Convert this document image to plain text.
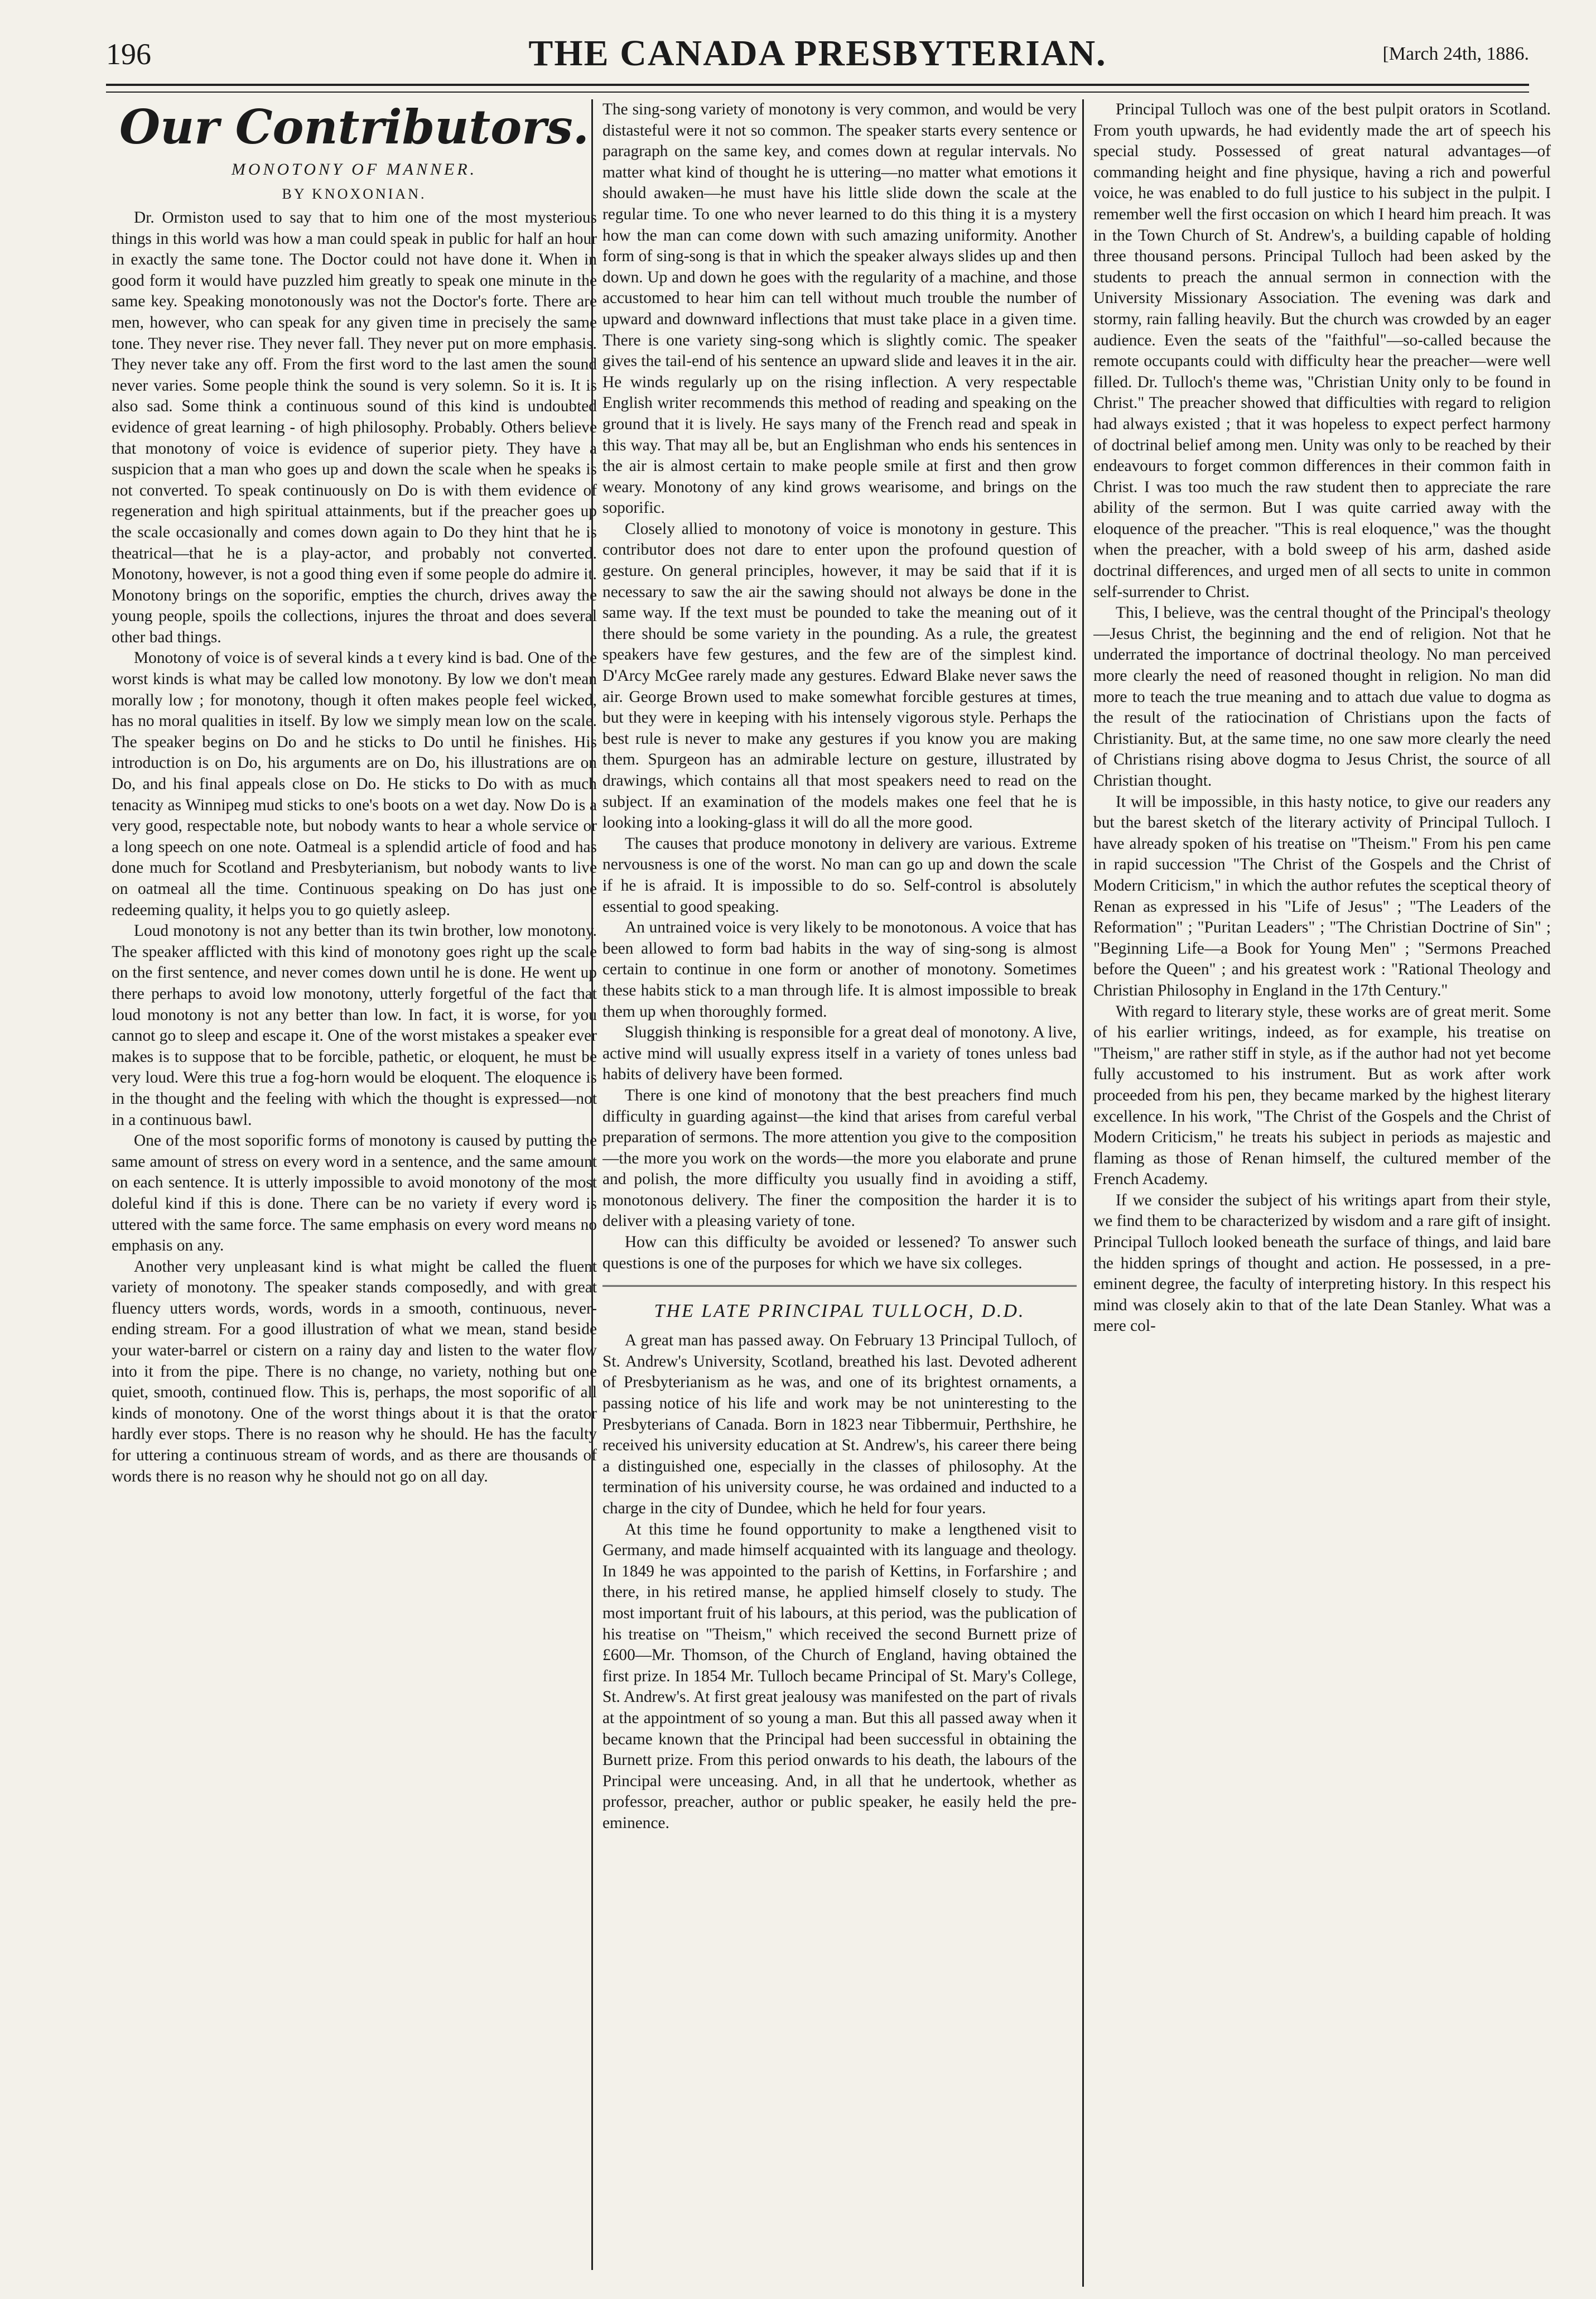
196	THE CANADA PRESBYTERIAN.	[March 24th, 1886.
Our Contributors.
MONOTONY OF MANNER.
BY KNOXONIAN.

Dr. Ormiston used to say that to him one of the most mysterious things in this world was how a man could speak in public for half an hour in exactly the same tone. The Doctor could not have done it. When in good form it would have puzzled him greatly to speak one minute in the same key. Speaking monotonously was not the Doctor's forte. There are men, however, who can speak for any given time in precisely the same tone. They never rise. They never fall. They never put on more emphasis. They never take any off. From the first word to the last amen the sound never varies. Some people think the sound is very solemn. So it is. It is also sad. Some think a continuous sound of this kind is undoubted evidence of great learning - of high philosophy. Probably. Others believe that monotony of voice is evidence of superior piety. They have a suspicion that a man who goes up and down the scale when he speaks is not converted. To speak continuously on Do is with them evidence of regeneration and high spiritual attainments, but if the preacher goes up the scale occasionally and comes down again to Do they hint that he is theatrical—that he is a play-actor, and probably not converted. Monotony, however, is not a good thing even if some people do admire it. Monotony brings on the soporific, empties the church, drives away the young people, spoils the collections, injures the throat and does several other bad things.

Monotony of voice is of several kinds a t every kind is bad. One of the worst kinds is what may be called low monotony. By low we don't mean morally low ; for monotony, though it often makes people feel wicked, has no moral qualities in itself. By low we simply mean low on the scale. The speaker begins on Do and he sticks to Do until he finishes. His introduction is on Do, his arguments are on Do, his illustrations are on Do, and his final appeals close on Do. He sticks to Do with as much tenacity as Winnipeg mud sticks to one's boots on a wet day. Now Do is a very good, respectable note, but nobody wants to hear a whole service or a long speech on one note. Oatmeal is a splendid article of food and has done much for Scotland and Presbyterianism, but nobody wants to live on oatmeal all the time. Continuous speaking on Do has just one redeeming quality, it helps you to go quietly asleep.

Loud monotony is not any better than its twin brother, low monotony. The speaker afflicted with this kind of monotony goes right up the scale on the first sentence, and never comes down until he is done. He went up there perhaps to avoid low monotony, utterly forgetful of the fact that loud monotony is not any better than low. In fact, it is worse, for you cannot go to sleep and escape it. One of the worst mistakes a speaker ever makes is to suppose that to be forcible, pathetic, or eloquent, he must be very loud. Were this true a fog-horn would be eloquent. The eloquence is in the thought and the feeling with which the thought is expressed—not in a continuous bawl.

One of the most soporific forms of monotony is caused by putting the same amount of stress on every word in a sentence, and the same amount on each sentence. It is utterly impossible to avoid monotony of the most doleful kind if this is done. There can be no variety if every word is uttered with the same force. The same emphasis on every word means no emphasis on any.

Another very unpleasant kind is what might be called the fluent variety of monotony. The speaker stands composedly, and with great fluency utters words, words, words in a smooth, continuous, never-ending stream. For a good illustration of what we mean, stand beside your water-barrel or cistern on a rainy day and listen to the water flow into it from the pipe. There is no change, no variety, nothing but one quiet, smooth, continued flow. This is, perhaps, the most soporific of all kinds of monotony. One of the worst things about it is that the orator hardly ever stops. There is no reason why he should. He has the faculty for uttering a continuous stream of words, and as there are thousands of words there is no reason why he should not go on all day.

The sing-song variety of monotony is very common, and would be very distasteful were it not so common. The speaker starts every sentence or paragraph on the same key, and comes down at regular intervals. No matter what kind of thought he is uttering—no matter what emotions it should awaken—he must have his little slide down the scale at the regular time. To one who never learned to do this thing it is a mystery how the man can come down with such amazing uniformity. Another form of sing-song is that in which the speaker always slides up and then down. Up and down he goes with the regularity of a machine, and those accustomed to hear him can tell without much trouble the number of upward and downward inflections that must take place in a given time. There is one variety sing-song which is slightly comic. The speaker gives the tail-end of his sentence an upward slide and leaves it in the air. He winds regularly up on the rising inflection. A very respectable English writer recommends this method of reading and speaking on the ground that it is lively. He says many of the French read and speak in this way. That may all be, but an Englishman who ends his sentences in the air is almost certain to make people smile at first and then grow weary. Monotony of any kind grows wearisome, and brings on the soporific.

Closely allied to monotony of voice is monotony in gesture. This contributor does not dare to enter upon the profound question of gesture. On general principles, however, it may be said that if it is necessary to saw the air the sawing should not always be done in the same way. If the text must be pounded to take the meaning out of it there should be some variety in the pounding. As a rule, the greatest speakers have few gestures, and the few are of the simplest kind. D'Arcy McGee rarely made any gestures. Edward Blake never saws the air. George Brown used to make somewhat forcible gestures at times, but they were in keeping with his intensely vigorous style. Perhaps the best rule is never to make any gestures if you know you are making them. Spurgeon has an admirable lecture on gesture, illustrated by drawings, which contains all that most speakers need to read on the subject. If an examination of the models makes one feel that he is looking into a looking-glass it will do all the more good.

The causes that produce monotony in delivery are various. Extreme nervousness is one of the worst. No man can go up and down the scale if he is afraid. It is impossible to do so. Self-control is absolutely essential to good speaking.

An untrained voice is very likely to be monotonous. A voice that has been allowed to form bad habits in the way of sing-song is almost certain to continue in one form or another of monotony. Sometimes these habits stick to a man through life. It is almost impossible to break them up when thoroughly formed.

Sluggish thinking is responsible for a great deal of monotony. A live, active mind will usually express itself in a variety of tones unless bad habits of delivery have been formed.

There is one kind of monotony that the best preachers find much difficulty in guarding against—the kind that arises from careful verbal preparation of sermons. The more attention you give to the composition—the more you work on the words—the more you elaborate and prune and polish, the more difficulty you usually find in avoiding a stiff, monotonous delivery. The finer the composition the harder it is to deliver with a pleasing variety of tone.

How can this difficulty be avoided or lessened? To answer such questions is one of the purposes for which we have six colleges.

THE LATE PRINCIPAL TULLOCH, D.D.

A great man has passed away. On February 13 Principal Tulloch, of St. Andrew's University, Scotland, breathed his last. Devoted adherent of Presbyterianism as he was, and one of its brightest ornaments, a passing notice of his life and work may be not uninteresting to the Presbyterians of Canada. Born in 1823 near Tibbermuir, Perthshire, he received his university education at St. Andrew's, his career there being a distinguished one, especially in the classes of philosophy. At the termination of his university course, he was ordained and inducted to a charge in the city of Dundee, which he held for four years.

At this time he found opportunity to make a lengthened visit to Germany, and made himself acquainted with its language and theology. In 1849 he was appointed to the parish of Kettins, in Forfarshire ; and there, in his retired manse, he applied himself closely to study. The most important fruit of his labours, at this period, was the publication of his treatise on "Theism," which received the second Burnett prize of £600—Mr. Thomson, of the Church of England, having obtained the first prize. In 1854 Mr. Tulloch became Principal of St. Mary's College, St. Andrew's. At first great jealousy was manifested on the part of rivals at the appointment of so young a man. But this all passed away when it became known that the Principal had been successful in obtaining the Burnett prize. From this period onwards to his death, the labours of the Principal were unceasing. And, in all that he undertook, whether as professor, preacher, author or public speaker, he easily held the pre-eminence.

Principal Tulloch was one of the best pulpit orators in Scotland. From youth upwards, he had evidently made the art of speech his special study. Possessed of great natural advantages—of commanding height and fine physique, having a rich and powerful voice, he was enabled to do full justice to his subject in the pulpit. I remember well the first occasion on which I heard him preach. It was in the Town Church of St. Andrew's, a building capable of holding three thousand persons. Principal Tulloch had been asked by the students to preach the annual sermon in connection with the University Missionary Association. The evening was dark and stormy, rain falling heavily. But the church was crowded by an eager audience. Even the seats of the "faithful"—so-called because the remote occupants could with difficulty hear the preacher—were well filled. Dr. Tulloch's theme was, "Christian Unity only to be found in Christ." The preacher showed that difficulties with regard to religion had always existed ; that it was hopeless to expect perfect harmony of doctrinal belief among men. Unity was only to be reached by their endeavours to forget common differences in their common faith in Christ. I was too much the raw student then to appreciate the rare ability of the sermon. But I was quite carried away with the eloquence of the preacher. "This is real eloquence," was the thought when the preacher, with a bold sweep of his arm, dashed aside doctrinal differences, and urged men of all sects to unite in common self-surrender to Christ.

This, I believe, was the central thought of the Principal's theology—Jesus Christ, the beginning and the end of religion. Not that he underrated the importance of doctrinal theology. No man perceived more clearly the need of reasoned thought in religion. No man did more to teach the true meaning and to attach due value to dogma as the result of the ratiocination of Christians upon the facts of Christianity. But, at the same time, no one saw more clearly the need of Christians rising above dogma to Jesus Christ, the source of all Christian thought.

It will be impossible, in this hasty notice, to give our readers any but the barest sketch of the literary activity of Principal Tulloch. I have already spoken of his treatise on "Theism." From his pen came in rapid succession "The Christ of the Gospels and the Christ of Modern Criticism," in which the author refutes the sceptical theory of Renan as expressed in his "Life of Jesus" ; "The Leaders of the Reformation" ; "Puritan Leaders" ; "The Christian Doctrine of Sin" ; "Beginning Life—a Book for Young Men" ; "Sermons Preached before the Queen" ; and his greatest work : "Rational Theology and Christian Philosophy in England in the 17th Century."

With regard to literary style, these works are of great merit. Some of his earlier writings, indeed, as for example, his treatise on "Theism," are rather stiff in style, as if the author had not yet become fully accustomed to his instrument. But as work after work proceeded from his pen, they became marked by the highest literary excellence. In his work, "The Christ of the Gospels and the Christ of Modern Criticism," he treats his subject in periods as majestic and flaming as those of Renan himself, the cultured member of the French Academy.

If we consider the subject of his writings apart from their style, we find them to be characterized by wisdom and a rare gift of insight. Principal Tulloch looked beneath the surface of things, and laid bare the hidden springs of thought and action. He possessed, in a pre-eminent degree, the faculty of interpreting history. In this respect his mind was closely akin to that of the late Dean Stanley. What was a mere col-
